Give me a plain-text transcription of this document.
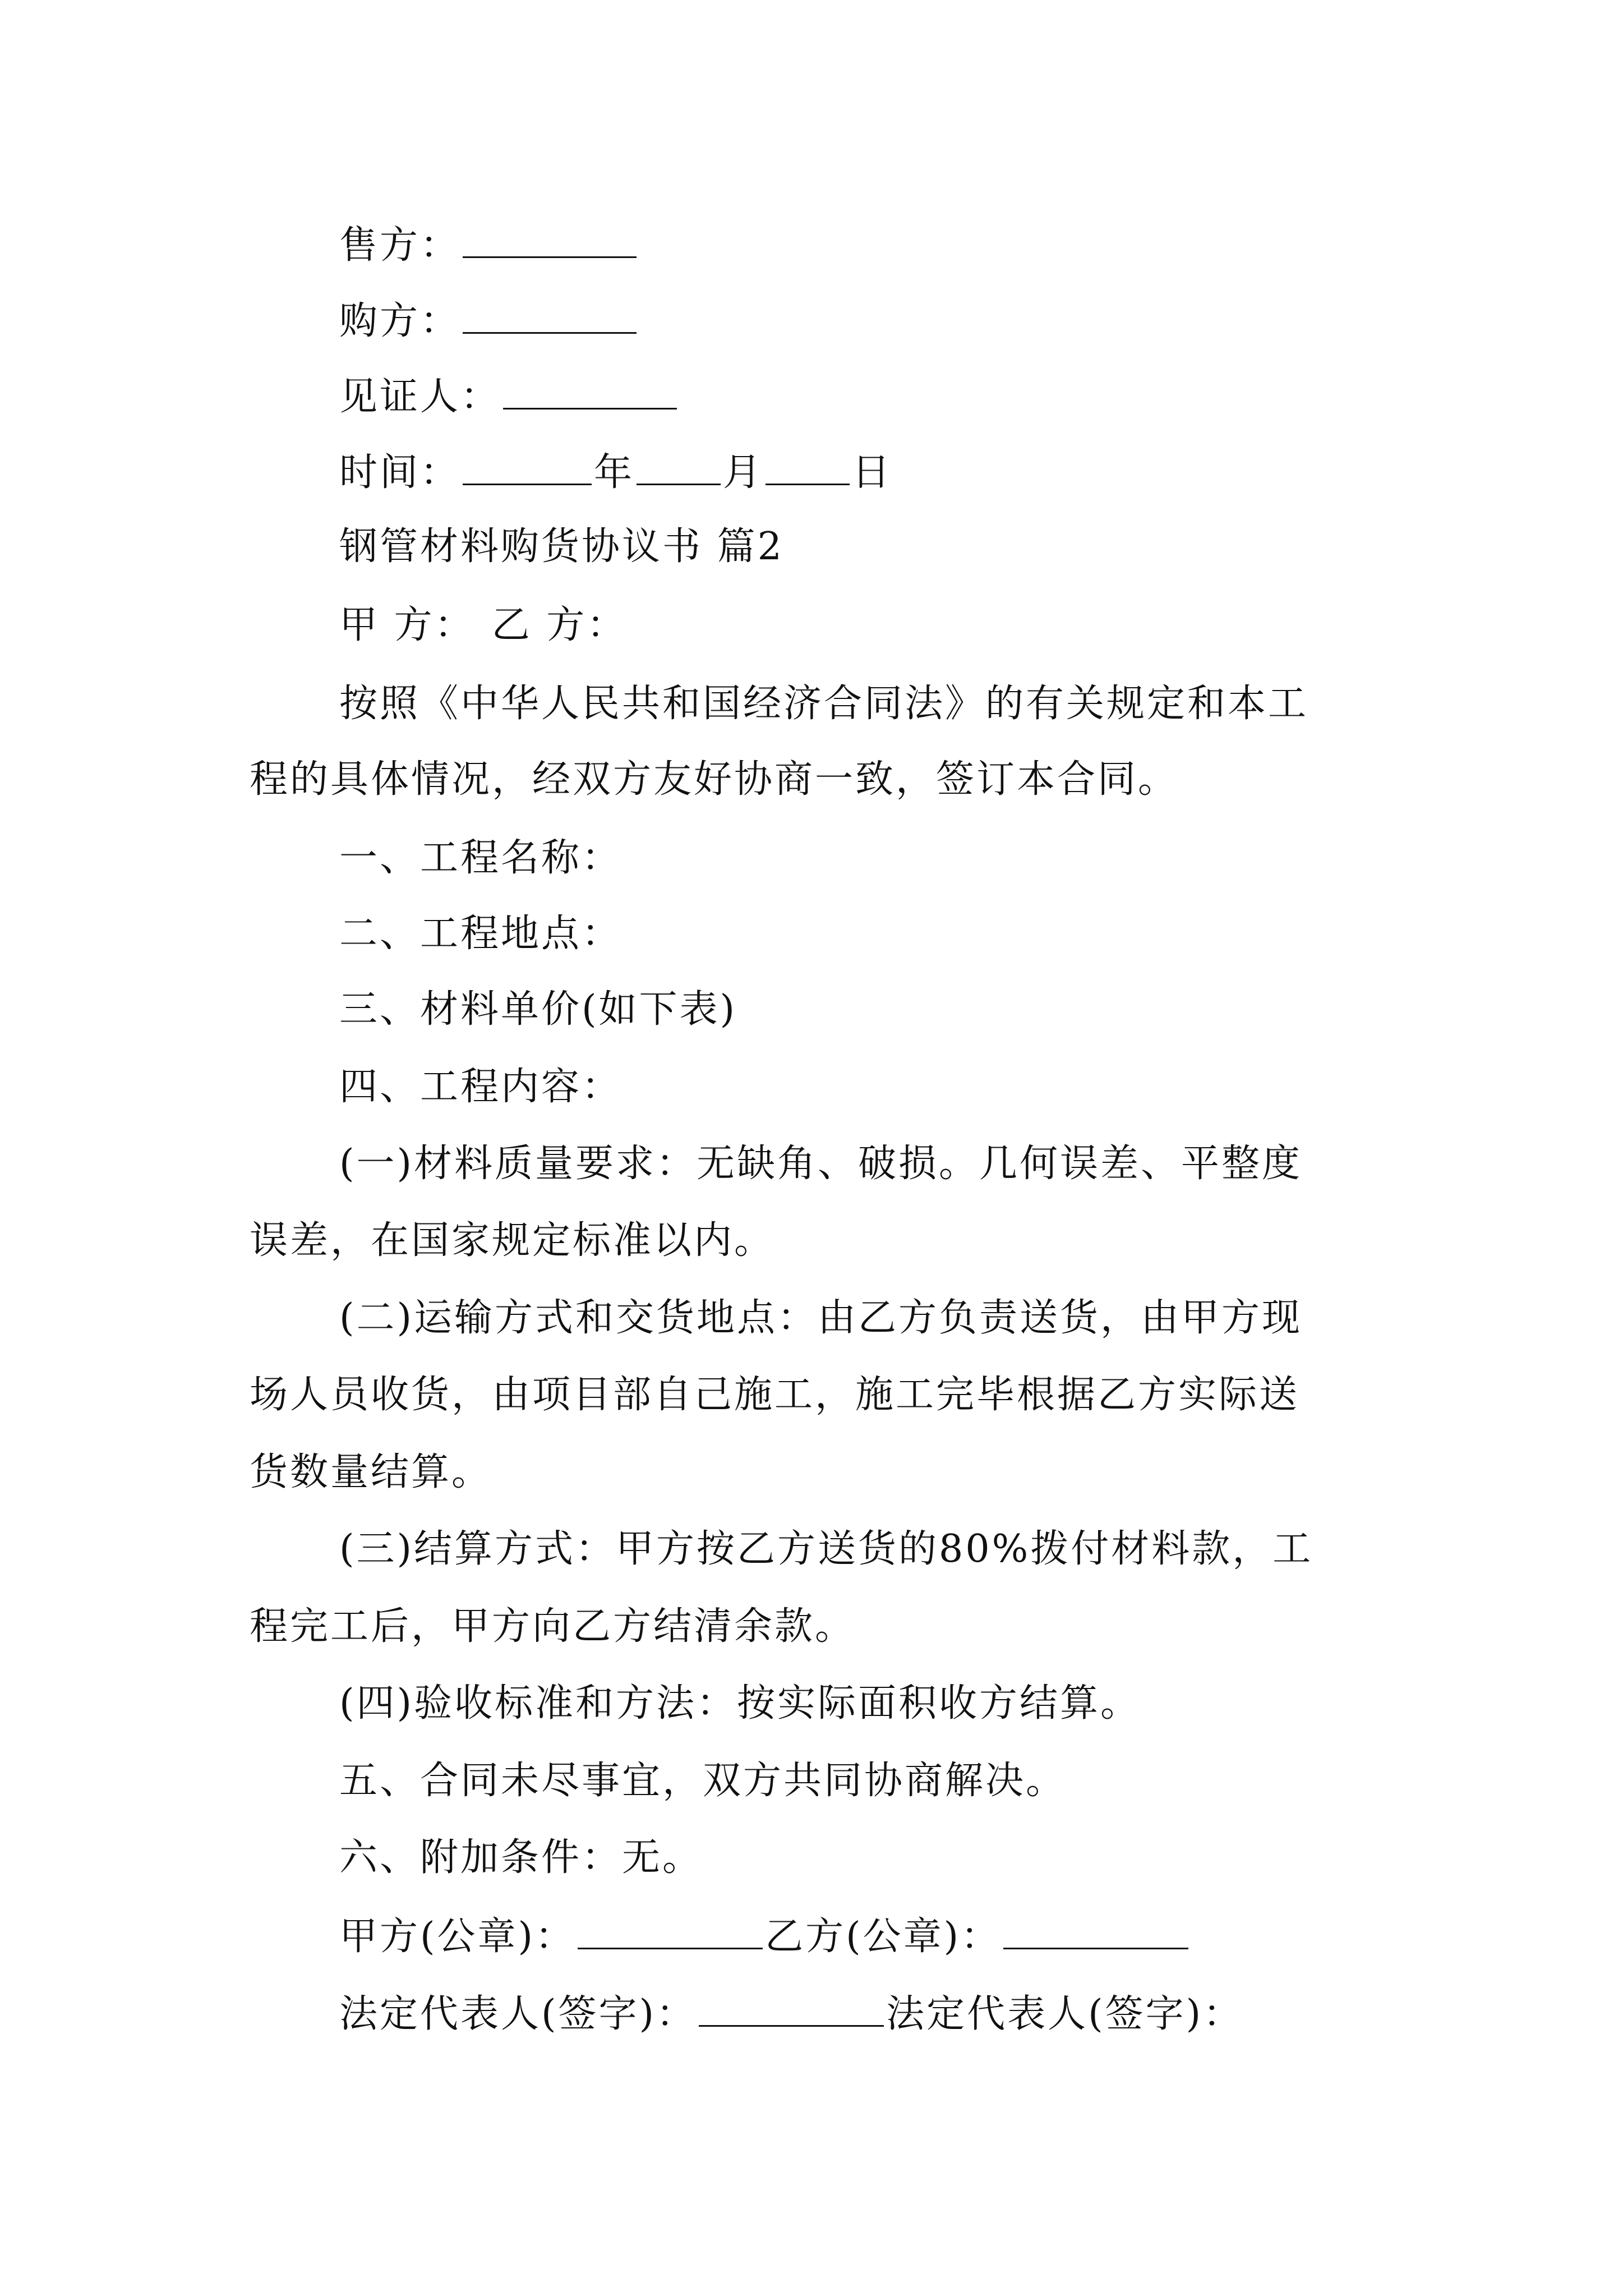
售方：
购方：
见证人：
时间：	年 月 日
钢管材料购货协议书 篇2
甲 方： 乙 方：
按照《中华人民共和国经济合同法》的有关规定和本工
程的具体情况，经双方友好协商一致，签订本合同。
一、工程名称：
二、工程地点：
三、材料单价(如下表)
四、工程内容：
(一)材料质量要求：无缺角、破损。几何误差、平整度
误差，在国家规定标准以内。
(二)运输方式和交货地点：由乙方负责送货，由甲方现
场人员收货，由项目部自己施工，施工完毕根据乙方实际送
货数量结算。
(三)结算方式：甲方按乙方送货的80%拨付材料款，工
程完工后，甲方向乙方结清余款。
(四)验收标准和方法：按实际面积收方结算。
五、合同未尽事宜，双方共同协商解决。
六、附加条件：无。
甲方(公章)：	乙方(公章)：
法定代表人(签字)：	法定代表人(签字)：
